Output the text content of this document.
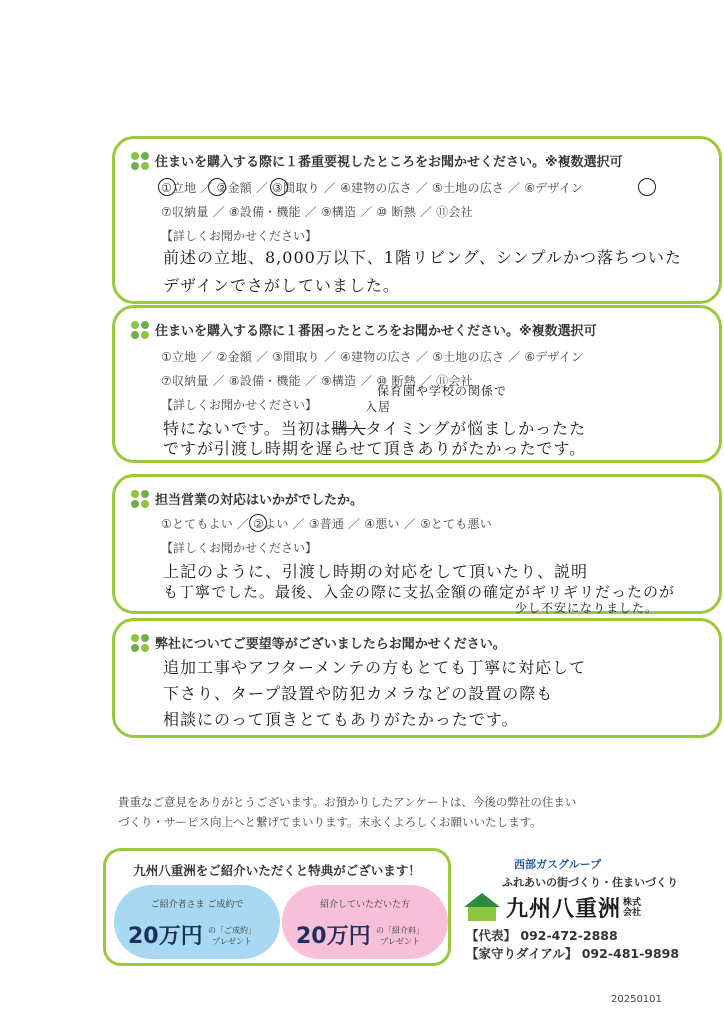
住まいを購入する際に１番重要視したところをお聞かせください。※複数選択可
①立地 ／ ②金額 ／ ③間取り ／ ④建物の広さ ／ ⑤土地の広さ ／ ⑥デザイン
⑦収納量 ／ ⑧設備・機能 ／ ⑨構造 ／ ⑩ 断熱 ／ ⑪会社
【詳しくお聞かせください】
前述の立地、8,000万以下、1階リビング、シンプルかつ落ちついた
デザインでさがしていました。
住まいを購入する際に１番困ったところをお聞かせください。※複数選択可
①立地 ／ ②金額 ／ ③間取り ／ ④建物の広さ ／ ⑤土地の広さ ／ ⑥デザイン
⑦収納量 ／ ⑧設備・機能 ／ ⑨構造 ／ ⑩ 断熱 ／ ⑪会社
保育園や学校の関係で
入居
【詳しくお聞かせください】
特にないです。当初は購入タイミングが悩ましかったた
ですが引渡し時期を遅らせて頂きありがたかったです。
担当営業の対応はいかがでしたか。
①とてもよい ／ ②よい ／ ③普通 ／ ④悪い ／ ⑤とても悪い
【詳しくお聞かせください】
上記のように、引渡し時期の対応をして頂いたり、説明
も丁寧でした。最後、入金の際に支払金額の確定がギリギリだったのが
少し不安になりました。
弊社についてご要望等がございましたらお聞かせください。
追加工事やアフターメンテの方もとても丁寧に対応して
下さり、タープ設置や防犯カメラなどの設置の際も
相談にのって頂きとてもありがたかったです。
貴重なご意見をありがとうございます。お預かりしたアンケートは、今後の弊社の住まい
づくり・サービス向上へと繋げてまいります。末永くよろしくお願いいたします。
九州八重洲をご紹介いただくと特典がございます！
ご紹介者さま ご成約で
20万円 の「ご成約」
プレゼント
紹介していただいた方
20万円 の「紹介料」
プレゼント
西部ガスグループ
ふれあいの街づくり・住まいづくり
九州八重洲 株式会社
【代表】 092-472-2888
【家守りダイアル】 092-481-9898
20250101
